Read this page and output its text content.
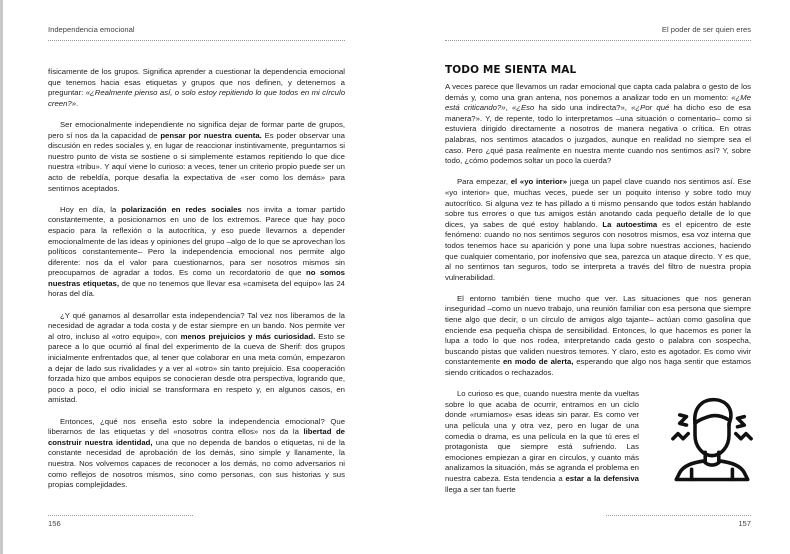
Independencia emocional

físicamente de los grupos. Significa aprender a cuestionar la dependencia emocional que tenemos hacia esas etiquetas y grupos que nos definen, y detenernos a preguntar: «¿Realmente pienso así, o solo estoy repitiendo lo que todos en mi círculo creen?».

Ser emocionalmente independiente no significa dejar de formar parte de grupos, pero sí nos da la capacidad de pensar por nuestra cuenta. Es poder observar una discusión en redes sociales y, en lugar de reaccionar instintivamente, preguntarnos si nuestro punto de vista se sostiene o si simplemente estamos repitiendo lo que dice nuestra «tribu». Y aquí viene lo curioso: a veces, tener un criterio propio puede ser un acto de rebeldía, porque desafía la expectativa de «ser como los demás» para sentirnos aceptados.

Hoy en día, la polarización en redes sociales nos invita a tomar partido constantemente, a posicionarnos en uno de los extremos. Parece que hay poco espacio para la reflexión o la autocrítica, y eso puede llevarnos a depender emocionalmente de las ideas y opiniones del grupo –algo de lo que se aprovechan los políticos constantemente– Pero la independencia emocional nos permite algo diferente: nos da el valor para cuestionarnos, para ser nosotros mismos sin preocuparnos de agradar a todos. Es como un recordatorio de que no somos nuestras etiquetas, de que no tenemos que llevar esa «camiseta del equipo» las 24 horas del día.

¿Y qué ganamos al desarrollar esta independencia? Tal vez nos liberamos de la necesidad de agradar a toda costa y de estar siempre en un bando. Nos permite ver al otro, incluso al «otro equipo», con menos prejuicios y más curiosidad. Esto se parece a lo que ocurrió al final del experimento de la cueva de Sherif: dos grupos inicialmente enfrentados que, al tener que colaborar en una meta común, empezaron a dejar de lado sus rivalidades y a ver al «otro» sin tanto prejuicio. Esa cooperación forzada hizo que ambos equipos se conocieran desde otra perspectiva, logrando que, poco a poco, el odio inicial se transformara en respeto y, en algunos casos, en amistad.

Entonces, ¿qué nos enseña esto sobre la independencia emocional? Que liberarnos de las etiquetas y del «nosotros contra ellos» nos da la libertad de construir nuestra identidad, una que no dependa de bandos o etiquetas, ni de la constante necesidad de aprobación de los demás, sino simple y llanamente, la nuestra. Nos volvemos capaces de reconocer a los demás, no como adversarios ni como reflejos de nosotros mismos, sino como personas, con sus historias y sus propias complejidades.

156
El poder de ser quien eres
TODO ME SIENTA MAL

A veces parece que llevamos un radar emocional que capta cada palabra o gesto de los demás y, como una gran antena, nos ponemos a analizar todo en un momento: «¿Me está criticando?», «¿Eso ha sido una indirecta?», «¿Por qué ha dicho eso de esa manera?». Y, de repente, todo lo interpretamos –una situación o comentario– como si estuviera dirigido directamente a nosotros de manera negativa o crítica. En otras palabras, nos sentimos atacados o juzgados, aunque en realidad no siempre sea el caso. Pero ¿qué pasa realmente en nuestra mente cuando nos sentimos así? Y, sobre todo, ¿cómo podemos soltar un poco la cuerda?

Para empezar, el «yo interior» juega un papel clave cuando nos sentimos así. Ese «yo interior» que, muchas veces, puede ser un poquito intenso y sobre todo muy autocrítico. Si alguna vez te has pillado a ti mismo pensando que todos están hablando sobre tus errores o que tus amigos están anotando cada pequeño detalle de lo que dices, ya sabes de qué estoy hablando. La autoestima es el epicentro de este fenómeno: cuando no nos sentimos seguros con nosotros mismos, esa voz interna que todos tenemos hace su aparición y pone una lupa sobre nuestras acciones, haciendo que cualquier comentario, por inofensivo que sea, parezca un ataque directo. Y es que, al no sentirnos tan seguros, todo se interpreta a través del filtro de nuestra propia vulnerabilidad.

El entorno también tiene mucho que ver. Las situaciones que nos generan inseguridad –como un nuevo trabajo, una reunión familiar con esa persona que siempre tiene algo que decir, o un círculo de amigos algo tajante– actúan como gasolina que enciende esa pequeña chispa de sensibilidad. Entonces, lo que hacemos es poner la lupa a todo lo que nos rodea, interpretando cada gesto o palabra con sospecha, buscando pistas que validen nuestros temores. Y claro, esto es agotador. Es como vivir constantemente en modo de alerta, esperando que algo nos haga sentir que estamos siendo criticados o rechazados.

Lo curioso es que, cuando nuestra mente da vueltas sobre lo que acaba de ocurrir, entramos en un ciclo donde «rumiamos» esas ideas sin parar. Es como ver una película una y otra vez, pero en lugar de una comedia o drama, es una película en la que tú eres el protagonista que siempre está sufriendo. Las emociones empiezan a girar en círculos, y cuanto más analizamos la situación, más se agranda el problema en nuestra cabeza. Esta tendencia a estar a la defensiva llega a ser tan fuerte

157
